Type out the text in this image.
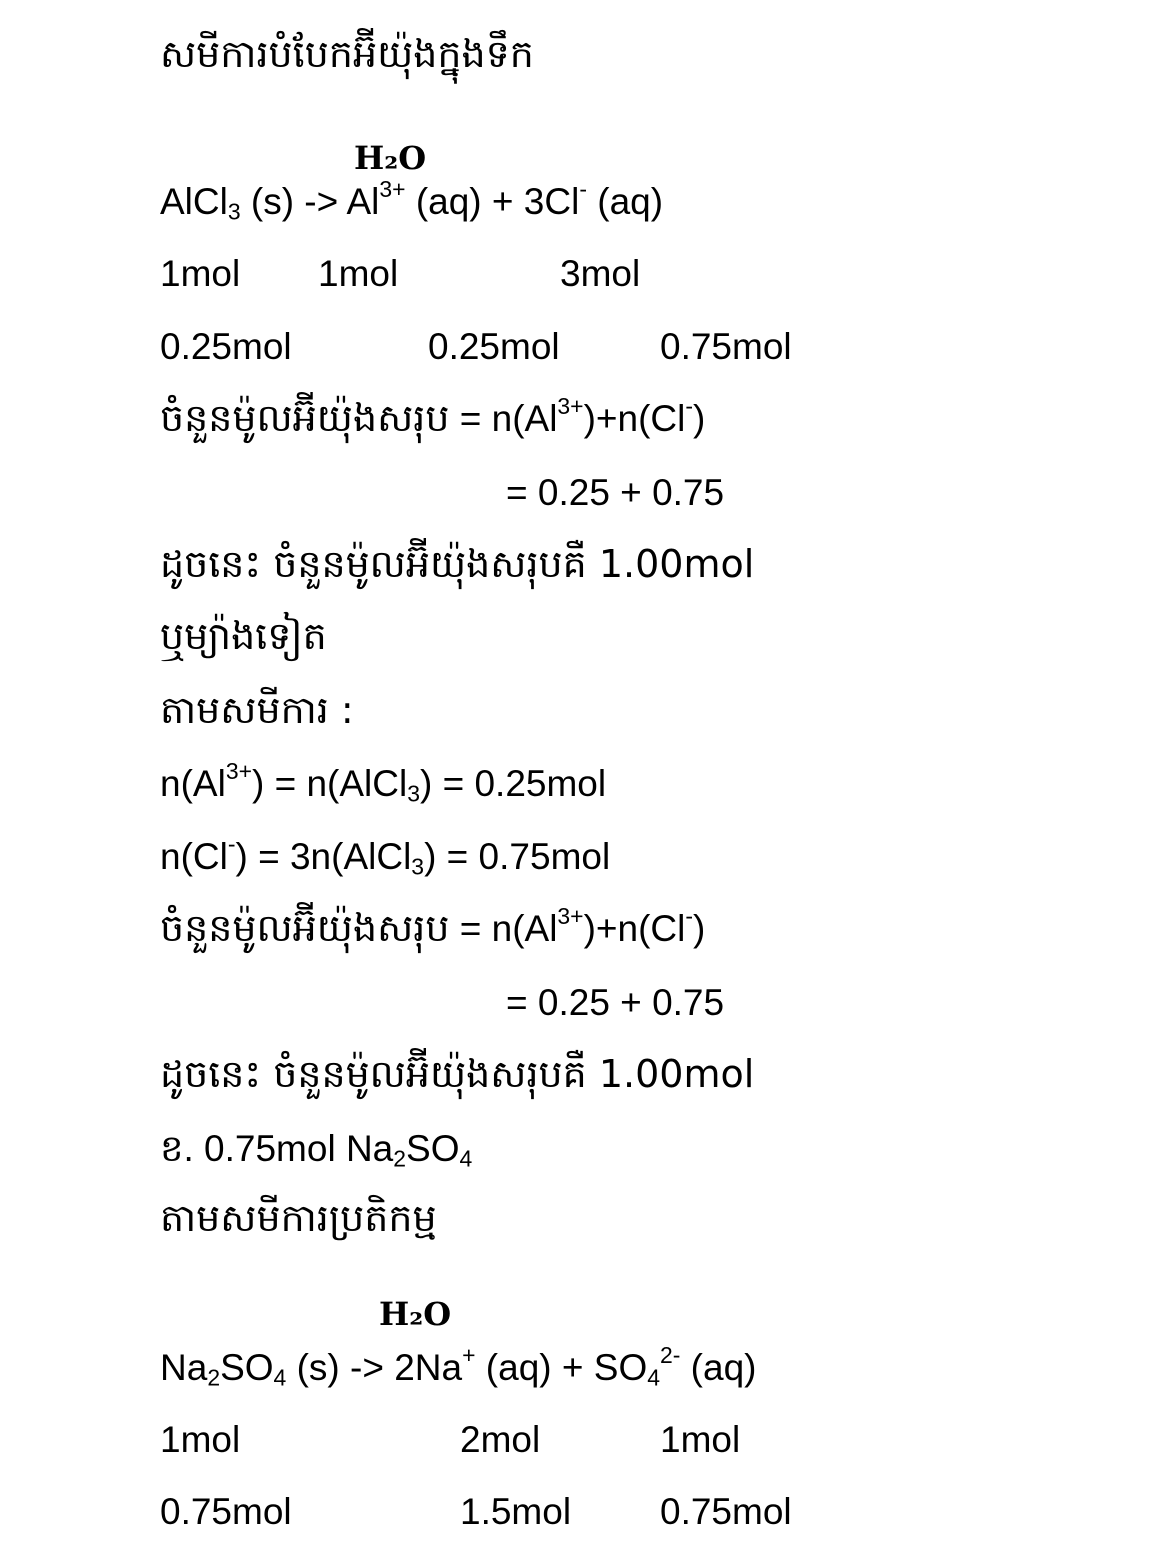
សមីការបំបែកអ៊ីយ៉ុងក្នុងទឹក
H₂O
AlCl$_3$ $(s) -> Al^{3+}$ (aq) + 3Cl- (aq)
1mol 1mol	3mol
0.25mol	0.25mol	0.75mol
ចំនួនម៉ូលអ៊ីយ៉ុងសរុប = $n(Al^{3+})+n(Cl^-)$
= 0.25 + 0.75
ដូចនេះ ចំនួនម៉ូលអ៊ីយ៉ុងសរុបគឺ 1.00mol
ឬម្យ៉ាងទៀត
តាមសមីការ :
$n(Al^{3+})$ = n(AlCl$_3$) = 0.25mol
n(Cl-) = 3n(AlCl$_3$) = 0.75mol
ចំនួនម៉ូលអ៊ីយ៉ុងសរុប = $n(Al^{3+})+n(Cl^-)$
= 0.25 + 0.75
ដូចនេះ ចំនួនម៉ូលអ៊ីយ៉ុងសរុបគឺ 1.00mol
ខ. 0.75mol $Na_2SO_4$
តាមសមីការប្រតិកម្ម
H₂O
$Na_2SO_4$ (s) -> 2Na+ $(aq) + SO_4^{2-}$ (aq)
1mol	2mol	1mol
0.75mol	1.5mol 0.75mol
